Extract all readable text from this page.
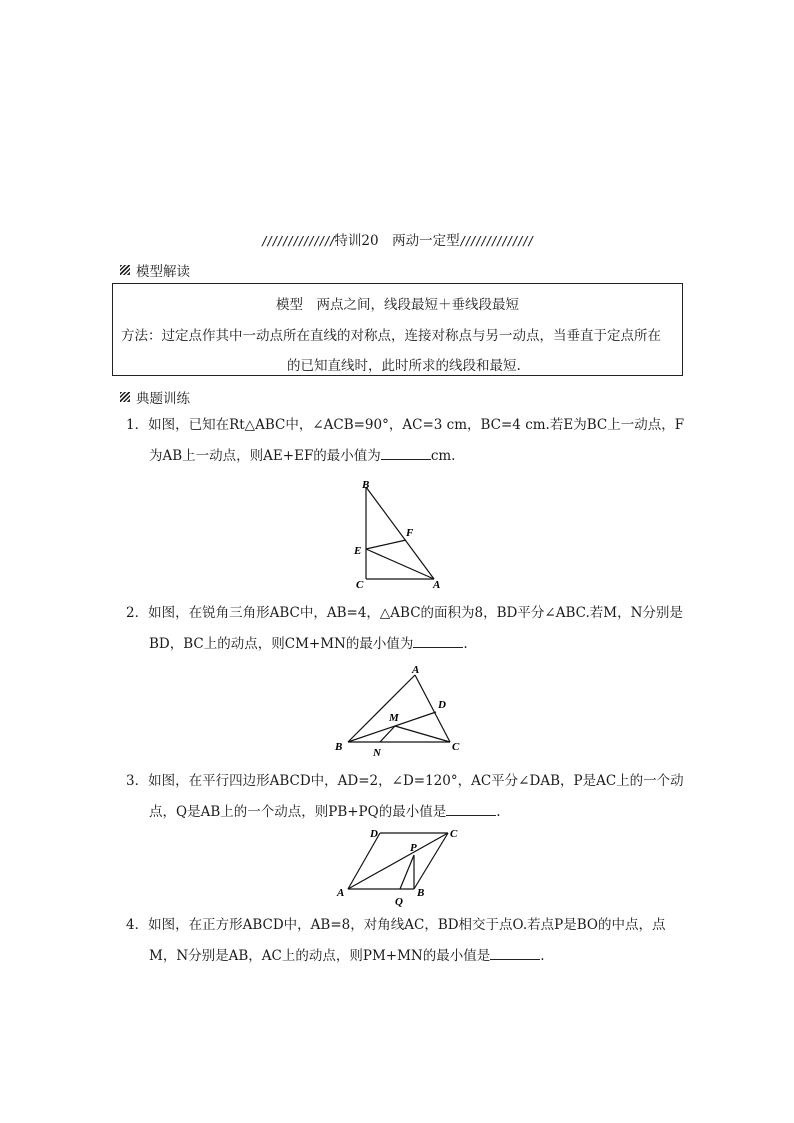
//////////////特训20　两动一定型//////////////
模型解读
模型　两点之间，线段最短＋垂线段最短
方法：过定点作其中一动点所在直线的对称点，连接对称点与另一动点，当垂直于定点所在
的已知直线时，此时所求的线段和最短.
典题训练
1．如图，已知在Rt△ABC中，∠ACB=90°，AC=3 cm，BC=4 cm.若E为BC上一动点，F
为AB上一动点，则AE+EF的最小值为	cm.
B
F
E
C	A
2．如图，在锐角三角形ABC中，AB=4，△ABC的面积为8，BD平分∠ABC.若M，N分别是
BD，BC上的动点，则CM+MN的最小值为	.
A
D
M
B	N	C
3．如图，在平行四边形ABCD中，AD=2，∠D=120°，AC平分∠DAB，P是AC上的一个动
点，Q是AB上的一个动点，则PB+PQ的最小值是	.
D	C
P
A
Q
B
4．如图，在正方形ABCD中，AB=8，对角线AC，BD相交于点O.若点P是BO的中点，点
M，N分别是AB，AC上的动点，则PM+MN的最小值是	.
